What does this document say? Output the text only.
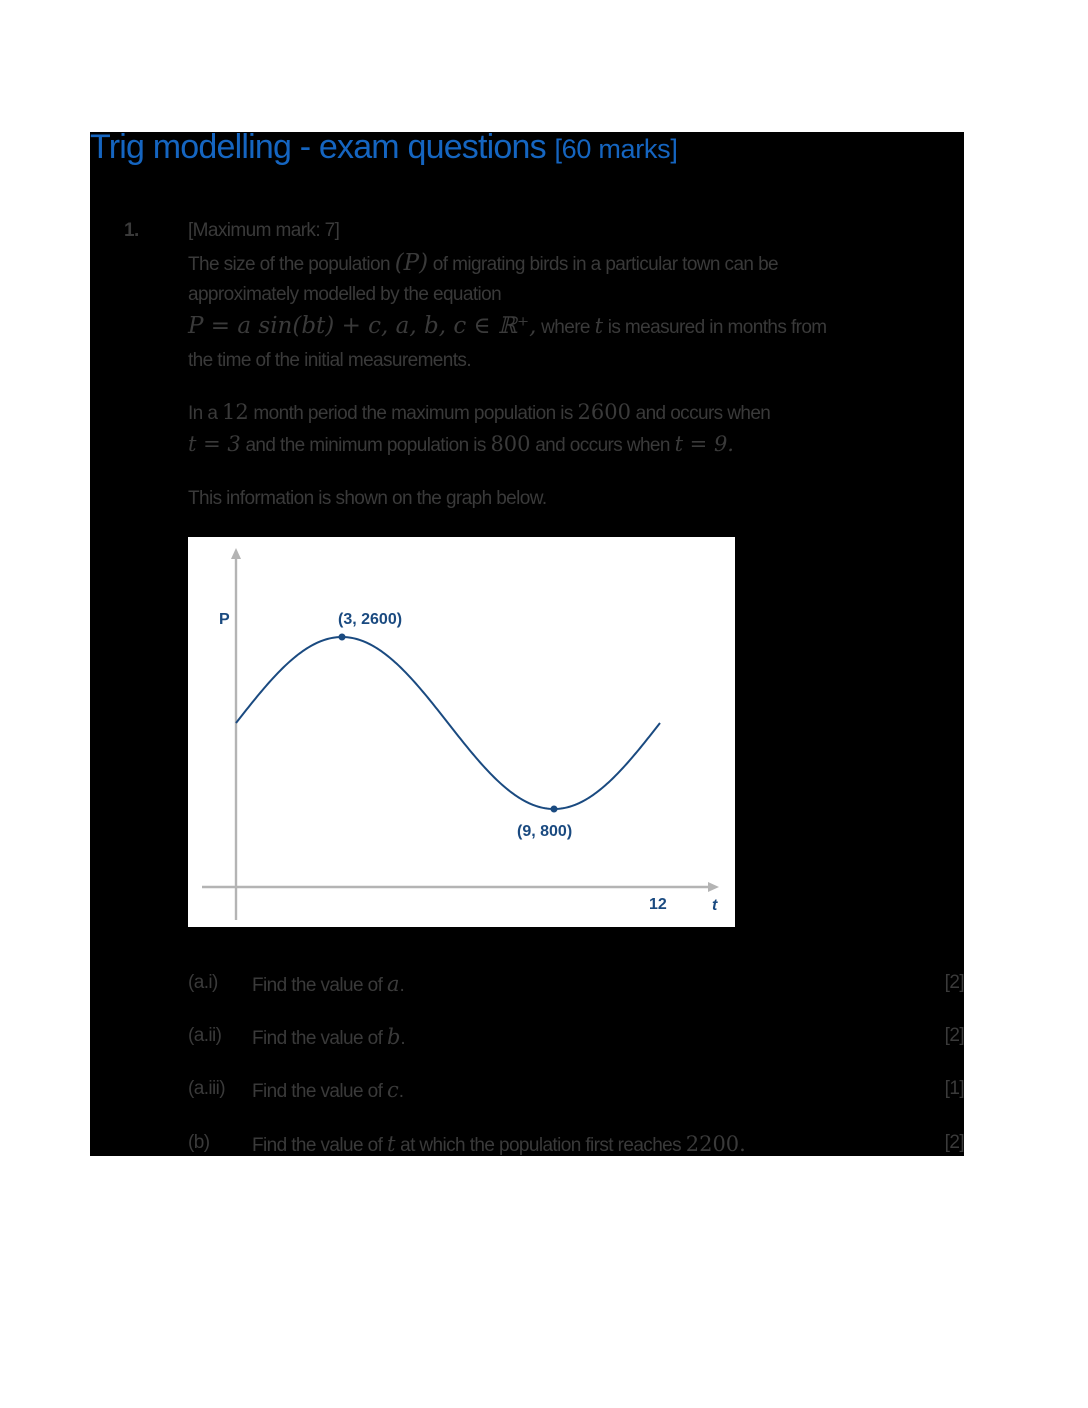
Trig modelling - exam questions [60 marks]
1.	[Maximum mark: 7]
The size of the population (P) of migrating birds in a particular town can be
approximately modelled by the equation
P = a sin(bt) + c, a, b, c ∈ ℝ⁺, where t is measured in months from
the time of the initial measurements.
In a 12 month period the maximum population is 2600 and occurs when
t = 3 and the minimum population is 800 and occurs when t = 9.
This information is shown on the graph below.
P
t
12
(3, 2600)
(9, 800)
(a.i) Find the value of a.	[2]
(a.ii) Find the value of b.	[2]
(a.iii) Find the value of c.	[1]
(b) Find the value of t at which the population first reaches 2200.	[2]
